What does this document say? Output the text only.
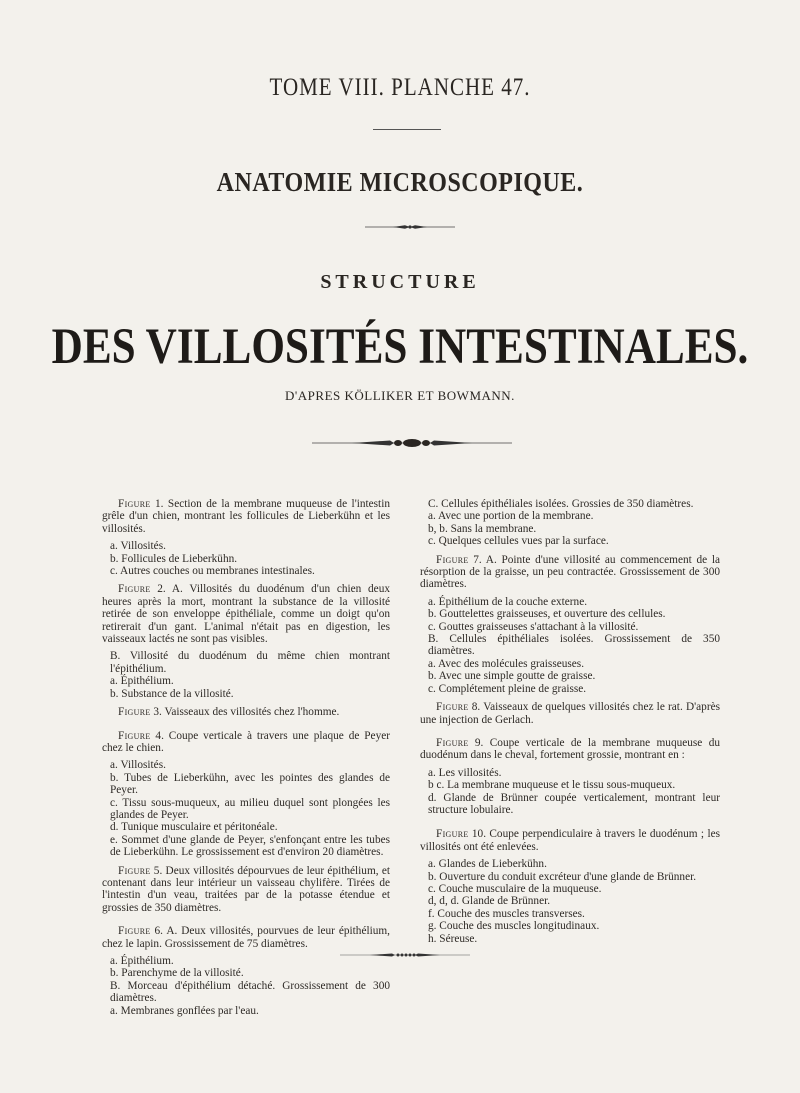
TOME VIII. PLANCHE 47.
ANATOMIE MICROSCOPIQUE.
STRUCTURE
DES VILLOSITÉS INTESTINALES.
D'APRES KÖLLIKER ET BOWMANN.
Figure 1. Section de la membrane muqueuse de l'intestin grêle d'un chien, montrant les follicules de Lieberkühn et les villosités.
a. Villosités.
b. Follicules de Lieberkühn.
c. Autres couches ou membranes intestinales.
Figure 2. A. Villosités du duodénum d'un chien deux heures après la mort, montrant la substance de la villosité retirée de son enveloppe épithéliale, comme un doigt qu'on retirerait d'un gant. L'animal n'était pas en digestion, les vaisseaux lactés ne sont pas visibles.
B. Villosité du duodénum du même chien montrant l'épithélium.
a. Épithélium.
b. Substance de la villosité.
Figure 3. Vaisseaux des villosités chez l'homme.
Figure 4. Coupe verticale à travers une plaque de Peyer chez le chien.
a. Villosités.
b. Tubes de Lieberkühn, avec les pointes des glandes de Peyer.
c. Tissu sous-muqueux, au milieu duquel sont plongées les glandes de Peyer.
d. Tunique musculaire et péritonéale.
e. Sommet d'une glande de Peyer, s'enfonçant entre les tubes de Lieberkühn. Le grossissement est d'environ 20 diamètres.
Figure 5. Deux villosités dépourvues de leur épithélium, et contenant dans leur intérieur un vaisseau chylifère. Tirées de l'intestin d'un veau, traitées par de la potasse étendue et grossies de 350 diamètres.
Figure 6. A. Deux villosités, pourvues de leur épithélium, chez le lapin. Grossissement de 75 diamètres.
a. Épithélium.
b. Parenchyme de la villosité.
B. Morceau d'épithélium détaché. Grossissement de 300 diamètres.
a. Membranes gonflées par l'eau.
C. Cellules épithéliales isolées. Grossies de 350 diamètres.
a. Avec une portion de la membrane.
b, b. Sans la membrane.
c. Quelques cellules vues par la surface.
Figure 7. A. Pointe d'une villosité au commencement de la résorption de la graisse, un peu contractée. Grossissement de 300 diamètres.
a. Épithélium de la couche externe.
b. Gouttelettes graisseuses, et ouverture des cellules.
c. Gouttes graisseuses s'attachant à la villosité.
B. Cellules épithéliales isolées. Grossissement de 350 diamètres.
a. Avec des molécules graisseuses.
b. Avec une simple goutte de graisse.
c. Complétement pleine de graisse.
Figure 8. Vaisseaux de quelques villosités chez le rat. D'après une injection de Gerlach.
Figure 9. Coupe verticale de la membrane muqueuse du duodénum dans le cheval, fortement grossie, montrant en :
a. Les villosités.
b c. La membrane muqueuse et le tissu sous-muqueux.
d. Glande de Brünner coupée verticalement, montrant leur structure lobulaire.
Figure 10. Coupe perpendiculaire à travers le duodénum ; les villosités ont été enlevées.
a. Glandes de Lieberkühn.
b. Ouverture du conduit excréteur d'une glande de Brünner.
c. Couche musculaire de la muqueuse.
d, d, d. Glande de Brünner.
f. Couche des muscles transverses.
g. Couche des muscles longitudinaux.
h. Séreuse.
